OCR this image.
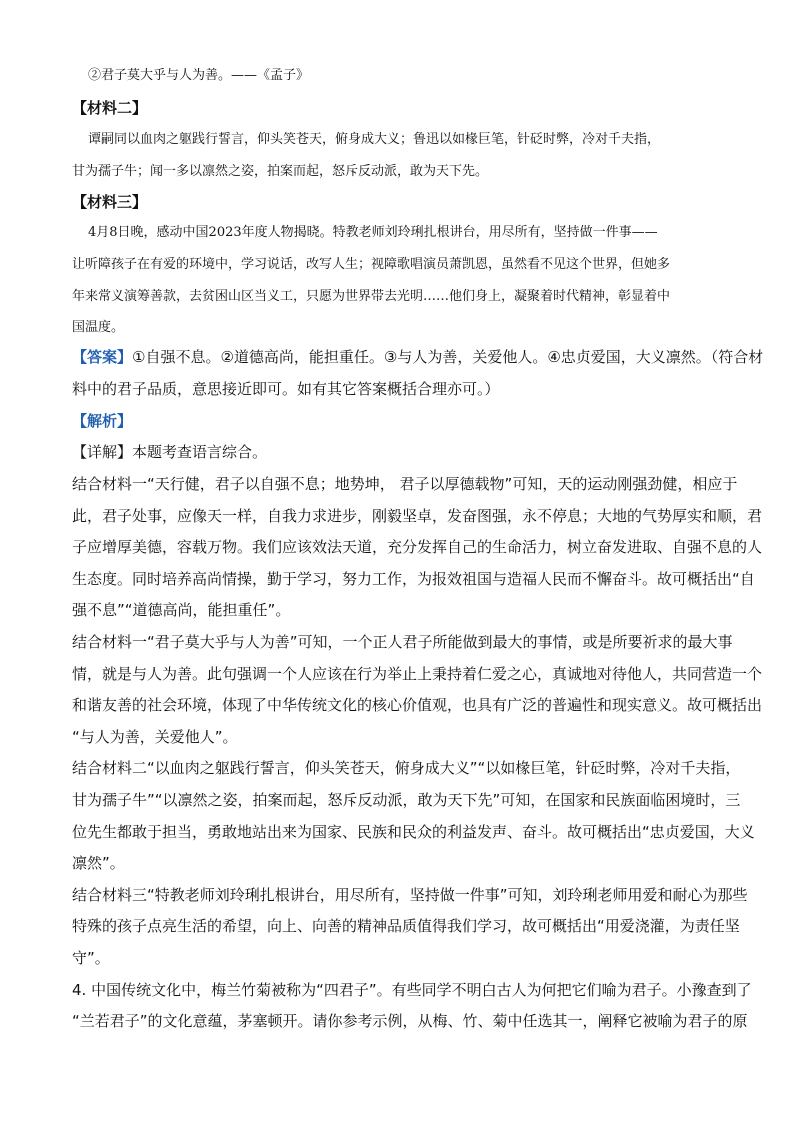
②君子莫大乎与人为善。——《孟子》
【材料二】
谭嗣同以血肉之躯践行誓言，仰头笑苍天，俯身成大义；鲁迅以如椽巨笔，针砭时弊，冷对千夫指，
甘为孺子牛；闻一多以凛然之姿，拍案而起，怒斥反动派，敢为天下先。
【材料三】
4月8日晚，感动中国2023年度人物揭晓。特教老师刘玲琍扎根讲台，用尽所有，坚持做一件事——
让听障孩子在有爱的环境中，学习说话，改写人生；视障歌唱演员萧凯恩，虽然看不见这个世界，但她多
年来常义演筹善款，去贫困山区当义工，只愿为世界带去光明……他们身上，凝聚着时代精神，彰显着中
国温度。
【答案】①自强不息。②道德高尚，能担重任。③与人为善，关爱他人。④忠贞爱国，大义凛然。（符合材
料中的君子品质，意思接近即可。如有其它答案概括合理亦可。）
【解析】
【详解】本题考查语言综合。
结合材料一“天行健，君子以自强不息；地势坤， 君子以厚德载物”可知，天的运动刚强劲健，相应于
此，君子处事，应像天一样，自我力求进步，刚毅坚卓，发奋图强，永不停息；大地的气势厚实和顺，君
子应增厚美德，容载万物。我们应该效法天道，充分发挥自己的生命活力，树立奋发进取、自强不息的人
生态度。同时培养高尚情操，勤于学习，努力工作，为报效祖国与造福人民而不懈奋斗。故可概括出“自
强不息”“道德高尚，能担重任”。
结合材料一“君子莫大乎与人为善”可知，一个正人君子所能做到最大的事情，或是所要祈求的最大事
情，就是与人为善。此句强调一个人应该在行为举止上秉持着仁爱之心，真诚地对待他人，共同营造一个
和谐友善的社会环境，体现了中华传统文化的核心价值观，也具有广泛的普遍性和现实意义。故可概括出
“与人为善，关爱他人”。
结合材料二“以血肉之躯践行誓言，仰头笑苍天，俯身成大义”“以如椽巨笔，针砭时弊，冷对千夫指，
甘为孺子牛”“以凛然之姿，拍案而起，怒斥反动派，敢为天下先”可知，在国家和民族面临困境时，三
位先生都敢于担当，勇敢地站出来为国家、民族和民众的利益发声、奋斗。故可概括出“忠贞爱国，大义
凛然”。
结合材料三“特教老师刘玲琍扎根讲台，用尽所有，坚持做一件事”可知，刘玲琍老师用爱和耐心为那些
特殊的孩子点亮生活的希望，向上、向善的精神品质值得我们学习，故可概括出“用爱浇灌，为责任坚
守”。
4. 中国传统文化中，梅兰竹菊被称为“四君子”。有些同学不明白古人为何把它们喻为君子。小豫查到了
“兰若君子”的文化意蕴，茅塞顿开。请你参考示例，从梅、竹、菊中任选其一，阐释它被喻为君子的原
